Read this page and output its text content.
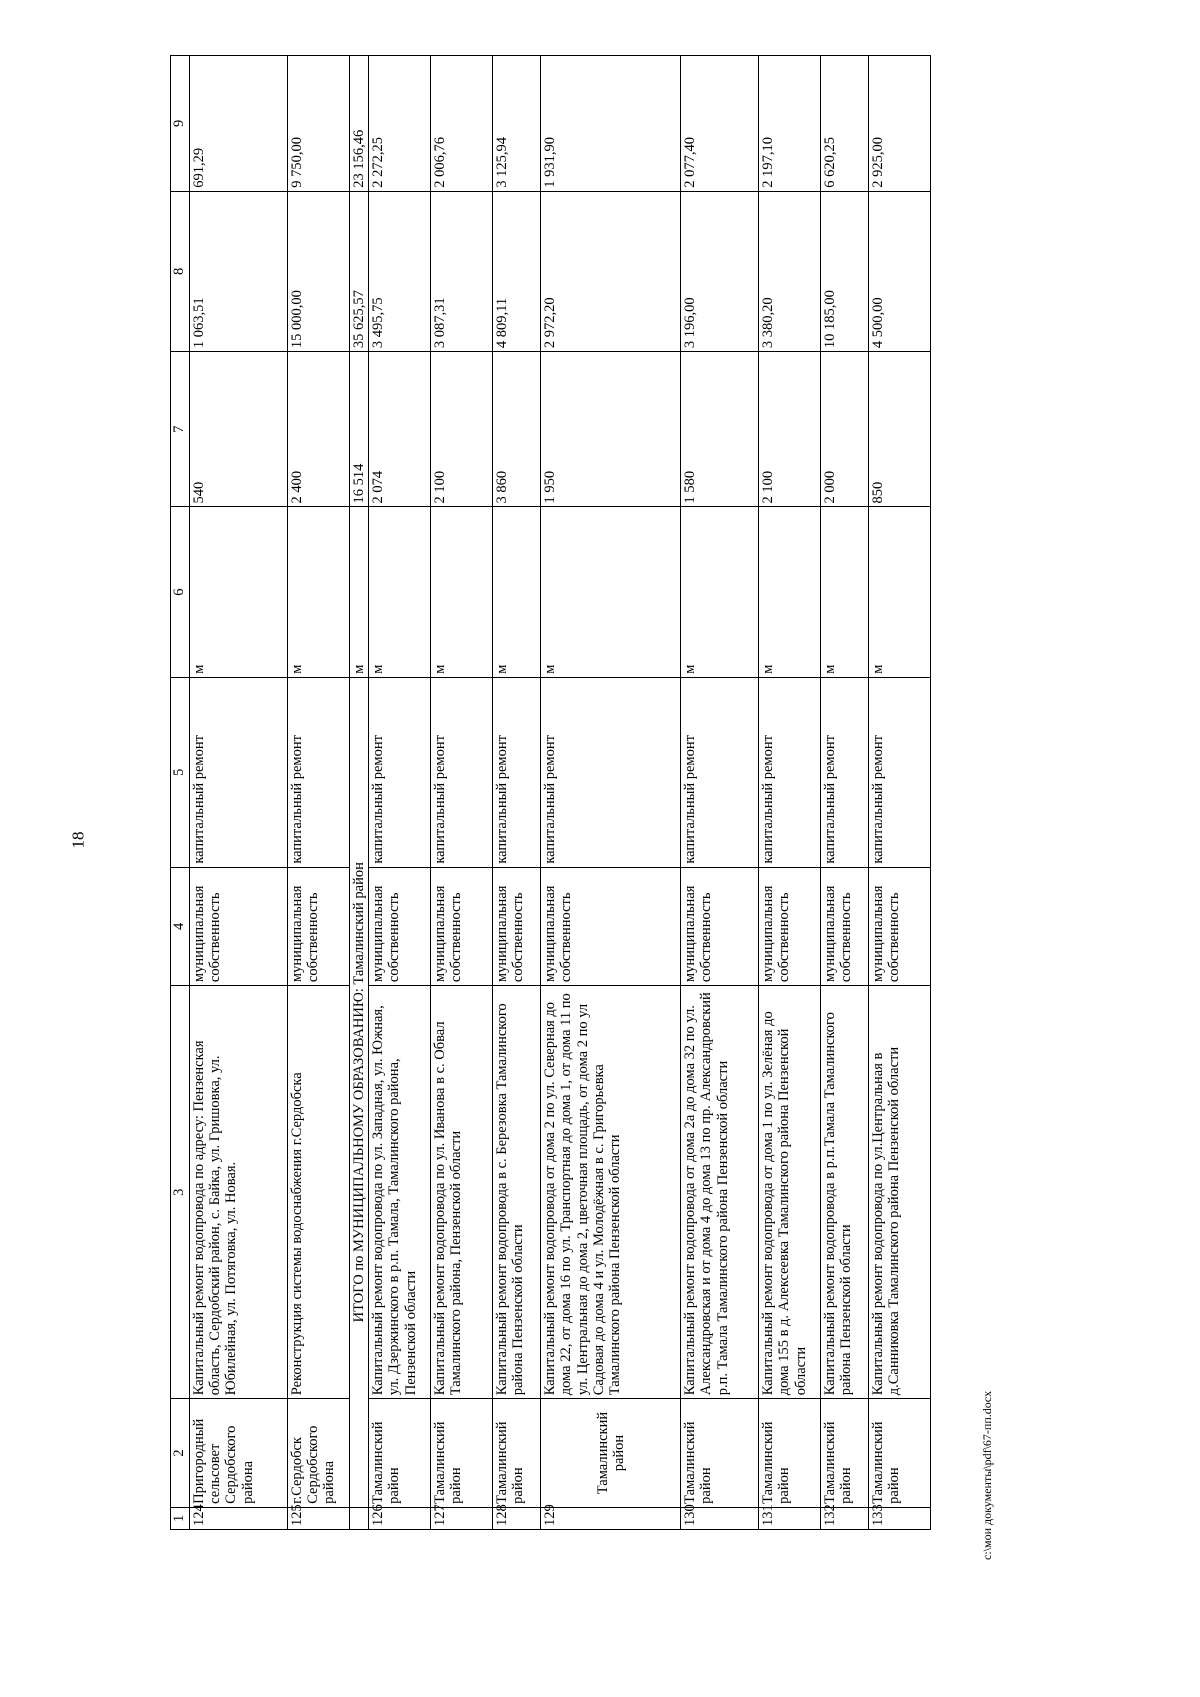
18
1	2	3	4	5	6	7	8	9
124	Пригородный сельсовет Сердобского района	Капитальный ремонт водопровода по адресу: Пензенская область, Сердобский район, с. Байка, ул. Гришовка, ул. Юбилейная, ул. Потяговка, ул. Новая.	муниципальная собственность	капитальный ремонт	м	540	1 063,51	691,29
125	г.Сердобск Сердобского района	Реконструкция системы водоснабжения г.Сердобска	муниципальная собственность	капитальный ремонт	м	2 400	15 000,00	9 750,00
	ИТОГО по МУНИЦИПАЛЬНОМУ ОБРАЗОВАНИЮ: Тамалинский район				м	16 514	35 625,57	23 156,46
126	Тамалинский район	Капитальный ремонт водопровода по ул. Западная, ул. Южная, ул. Дзержинского в р.п. Тамала, Тамалинского района, Пензенской области	муниципальная собственность	капитальный ремонт	м	2 074	3 495,75	2 272,25
127	Тамалинский район	Капитальный ремонт водопровода по ул. Иванова в с. Обвал Тамалинского района, Пензенской области	муниципальная собственность	капитальный ремонт	м	2 100	3 087,31	2 006,76
128	Тамалинский район	Капитальный ремонт водопровода в с. Березовка Тамалинского района Пензенской области	муниципальная собственность	капитальный ремонт	м	3 860	4 809,11	3 125,94
129	Тамалинский район	Капитальный ремонт водопровода от дома 2 по ул. Северная до дома 22, от дома 16 по ул. Транспортная до дома 1, от дома 11 по ул. Центральная до дома 2, цветочная площадь, от дома 2 по ул Садовая до дома 4 и ул. Молодёжная в с. Григорьевка Тамалинского района Пензенской области	муниципальная собственность	капитальный ремонт	м	1 950	2 972,20	1 931,90
130	Тамалинский район	Капитальный ремонт водопровода от дома 2а до дома 32 по ул. Александровская и от дома 4 до дома 13 по пр. Александровский р.п. Тамала Тамалинского района Пензенской области	муниципальная собственность	капитальный ремонт	м	1 580	3 196,00	2 077,40
131	Тамалинский район	Капитальный ремонт водопровода от дома 1 по ул. Зелёная до дома 155 в д. Алексеевка Тамалинского района Пензенской области	муниципальная собственность	капитальный ремонт	м	2 100	3 380,20	2 197,10
132	Тамалинский район	Капитальный ремонт водопровода в р.п.Тамала Тамалинского района Пензенской области	муниципальная собственность	капитальный ремонт	м	2 000	10 185,00	6 620,25
133	Тамалинский район	Капитальный ремонт водопровода по ул.Центральная в д.Санниковка Тамалинского района Пензенской области	муниципальная собственность	капитальный ремонт	м	850	4 500,00	2 925,00
c:\мои документы\pdf\67-пп.docx
